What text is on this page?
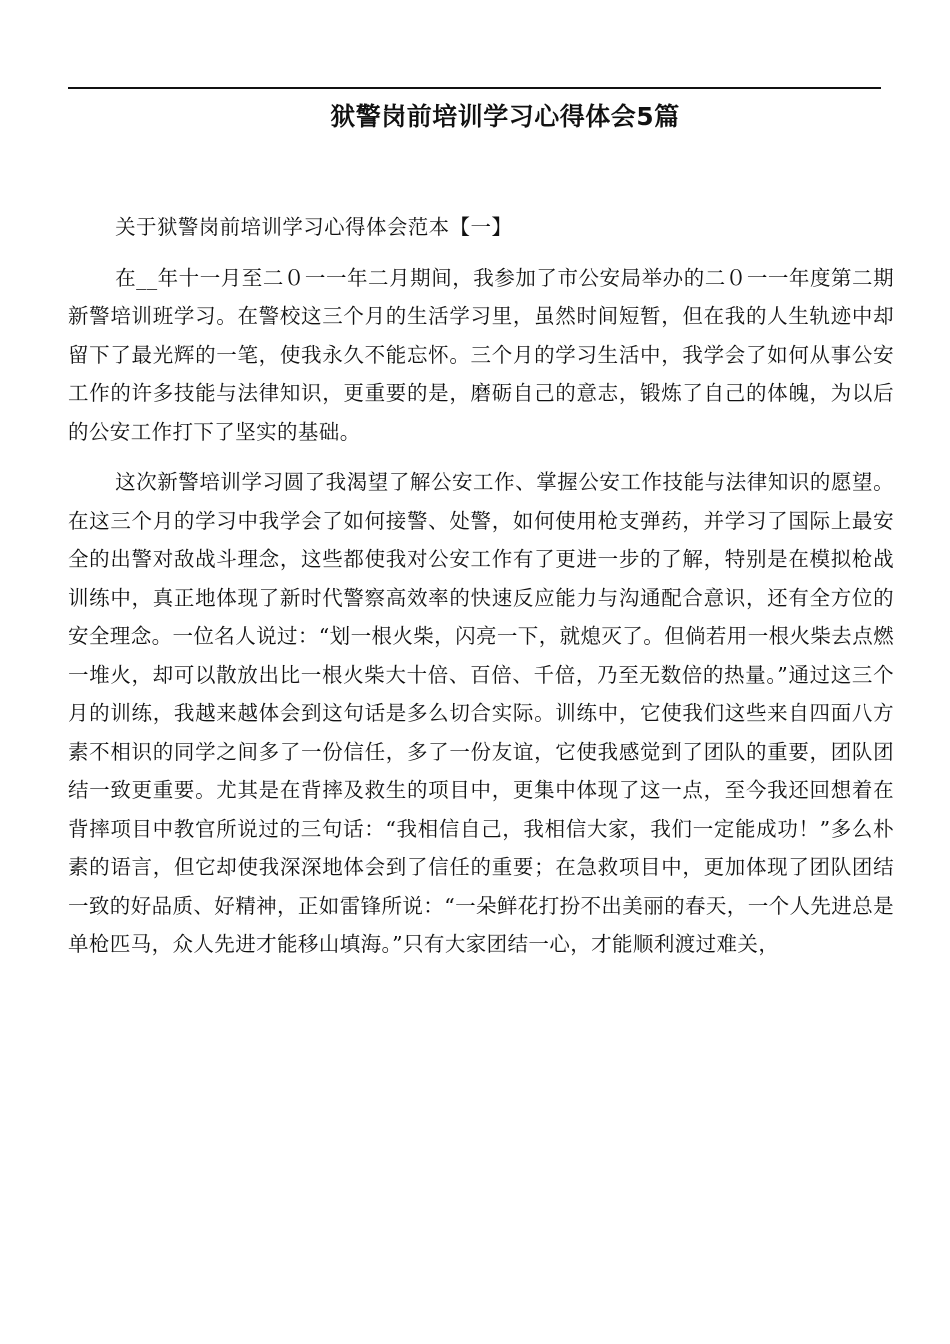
狱警岗前培训学习心得体会5篇

关于狱警岗前培训学习心得体会范本【一】

在__年十一月至二０一一年二月期间，我参加了市公安局举办的二０一一年度第二期新警培训班学习。在警校这三个月的生活学习里，虽然时间短暂，但在我的人生轨迹中却留下了最光辉的一笔，使我永久不能忘怀。三个月的学习生活中，我学会了如何从事公安工作的许多技能与法律知识，更重要的是，磨砺自己的意志，锻炼了自己的体魄，为以后的公安工作打下了坚实的基础。

这次新警培训学习圆了我渴望了解公安工作、掌握公安工作技能与法律知识的愿望。在这三个月的学习中我学会了如何接警、处警，如何使用枪支弹药，并学习了国际上最安全的出警对敌战斗理念，这些都使我对公安工作有了更进一步的了解，特别是在模拟枪战训练中，真正地体现了新时代警察高效率的快速反应能力与沟通配合意识，还有全方位的安全理念。一位名人说过：“划一根火柴，闪亮一下，就熄灭了。但倘若用一根火柴去点燃一堆火，却可以散放出比一根火柴大十倍、百倍、千倍，乃至无数倍的热量。”通过这三个月的训练，我越来越体会到这句话是多么切合实际。训练中，它使我们这些来自四面八方素不相识的同学之间多了一份信任，多了一份友谊，它使我感觉到了团队的重要，团队团结一致更重要。尤其是在背摔及救生的项目中，更集中体现了这一点，至今我还回想着在背摔项目中教官所说过的三句话：“我相信自己，我相信大家，我们一定能成功！”多么朴素的语言，但它却使我深深地体会到了信任的重要；在急救项目中，更加体现了团队团结一致的好品质、好精神，正如雷锋所说：“一朵鲜花打扮不出美丽的春天，一个人先进总是单枪匹马，众人先进才能移山填海。”只有大家团结一心，才能顺利渡过难关，
